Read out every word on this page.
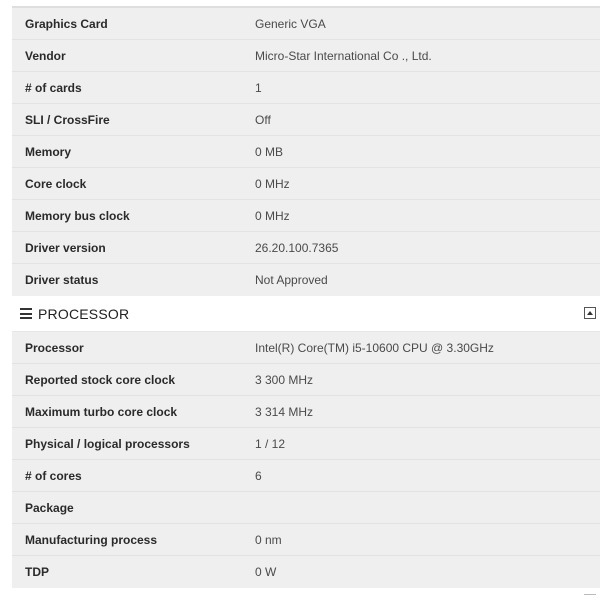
Graphics Card	Generic VGA
Vendor	Micro-Star International Co ., Ltd.
# of cards	1
SLI / CrossFire	Off
Memory	0 MB
Core clock	0 MHz
Memory bus clock	0 MHz
Driver version	26.20.100.7365
Driver status	Not Approved
PROCESSOR
Processor	Intel(R) Core(TM) i5-10600 CPU @ 3.30GHz
Reported stock core clock	3 300 MHz
Maximum turbo core clock	3 314 MHz
Physical / logical processors	1 / 12
# of cores	6
Package
Manufacturing process	0 nm
TDP	0 W
